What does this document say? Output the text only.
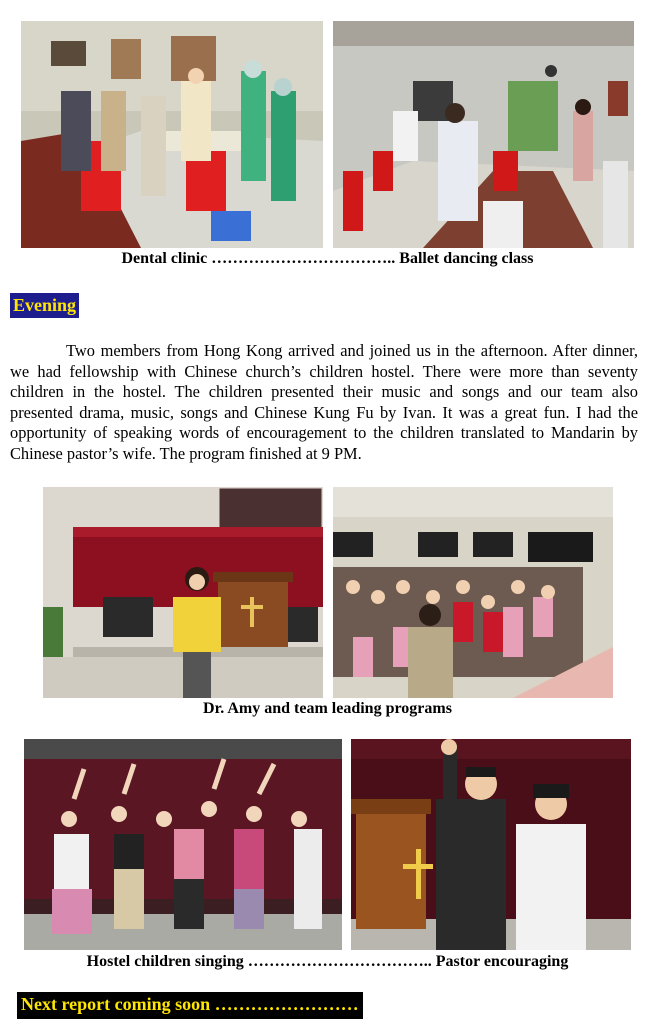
Dental clinic …………………………….. Ballet dancing class
Evening

Two members from Hong Kong arrived and joined us in the afternoon. After dinner, we had fellowship with Chinese church’s children hostel. There were more than seventy children in the hostel. The children presented their music and songs and our team also presented drama, music, songs and Chinese Kung Fu by Ivan. It was a great fun. I had the opportunity of speaking words of encouragement to the children translated to Mandarin by Chinese pastor’s wife. The program finished at 9 PM.

Dr. Amy and team leading programs
Hostel children singing …………………………….. Pastor encouraging
Next report coming soon ……………………
